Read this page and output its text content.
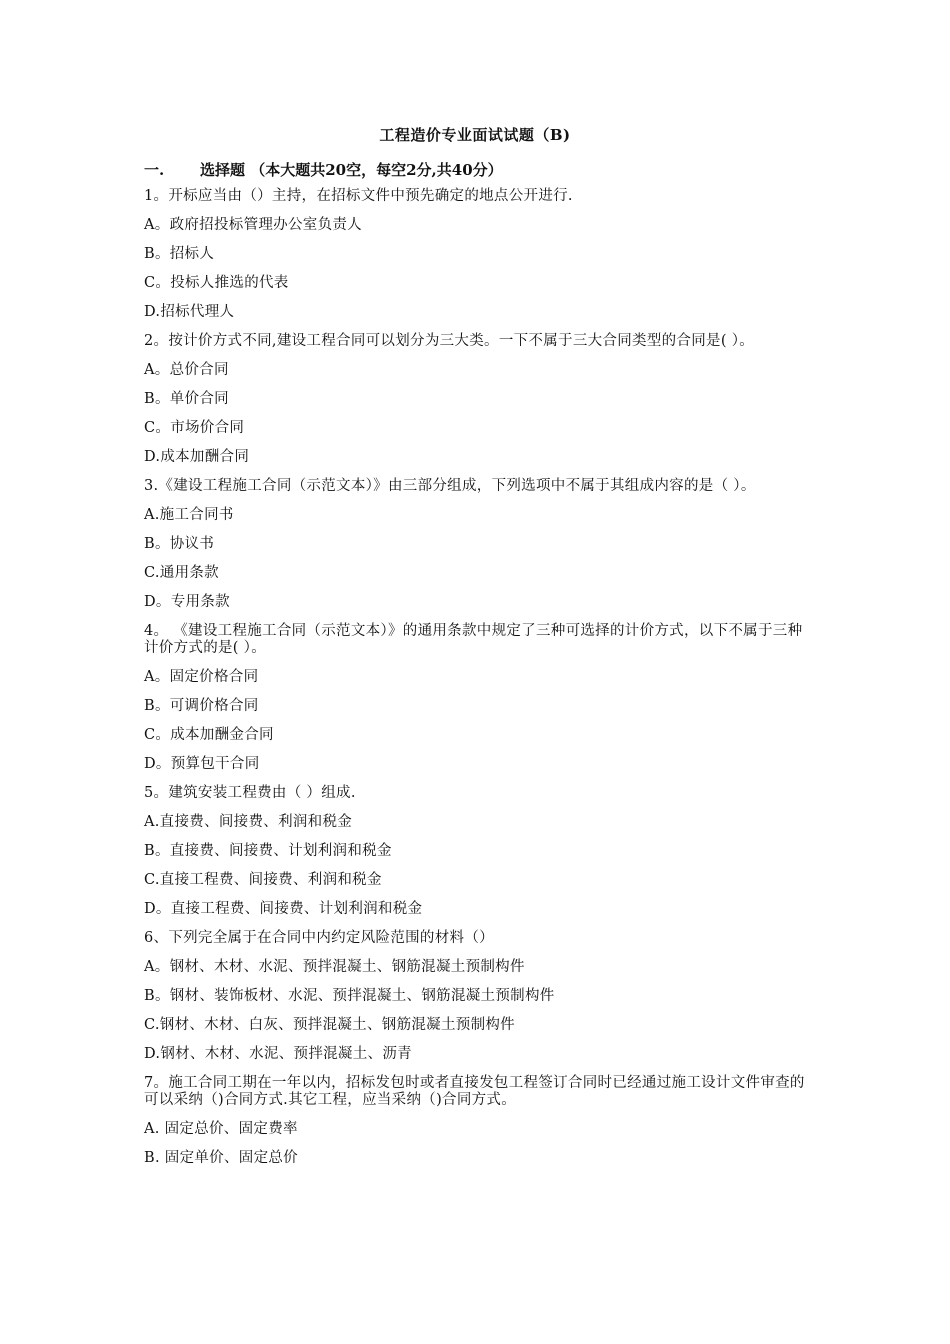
工程造价专业面试试题（B)
一. 选择题 （本大题共20空，每空2分,共40分）
1。开标应当由（）主持，在招标文件中预先确定的地点公开进行.
A。政府招投标管理办公室负责人
B。招标人
C。投标人推选的代表
D.招标代理人
2。按计价方式不同,建设工程合同可以划分为三大类。一下不属于三大合同类型的合同是( ）。
A。总价合同
B。单价合同
C。市场价合同
D.成本加酬合同
3.《建设工程施工合同（示范文本）》由三部分组成，下列选项中不属于其组成内容的是（ ）。
A.施工合同书
B。协议书
C.通用条款
D。专用条款
4。 《建设工程施工合同（示范文本）》的通用条款中规定了三种可选择的计价方式，以下不属于三种计价方式的是( ）。
A。固定价格合同
B。可调价格合同
C。成本加酬金合同
D。预算包干合同
5。建筑安装工程费由（ ）组成.
A.直接费、间接费、利润和税金
B。直接费、间接费、计划利润和税金
C.直接工程费、间接费、利润和税金
D。直接工程费、间接费、计划利润和税金
6、下列完全属于在合同中内约定风险范围的材料（）
A。钢材、木材、水泥、预拌混凝土、钢筋混凝土预制构件
B。钢材、装饰板材、水泥、预拌混凝土、钢筋混凝土预制构件
C.钢材、木材、白灰、预拌混凝土、钢筋混凝土预制构件
D.钢材、木材、水泥、预拌混凝土、沥青
7。施工合同工期在一年以内，招标发包时或者直接发包工程签订合同时已经通过施工设计文件审查的可以采纳（)合同方式.其它工程，应当采纳（)合同方式。
A. 固定总价、固定费率
B. 固定单价、固定总价
